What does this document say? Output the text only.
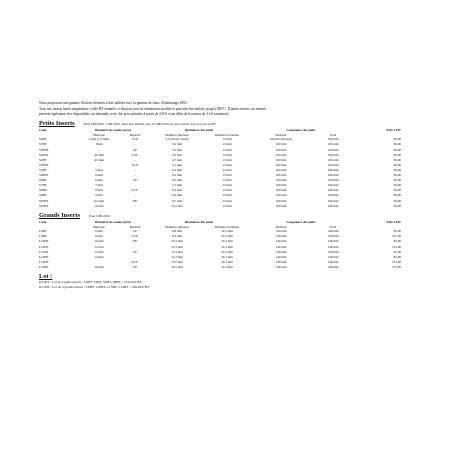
Nous proposons une gamme d'inserts destinés à être utilisés avec la gamme de fours d'étalonnage UBC.

Tous nos inserts haute température codés HT émaniés ci-dessous sont en aluminium anodisé et peuvent être utilisés jusqu'à 500°C. D'autres inserts sur mesure

peuvent également être disponibles sur demande, avec des prix unitaires à partir de 225 € et un délai de livraison de 4 à 8 semaines].

Petits Inserts	Pour UBC2001, UBC1001. Peut être utilisés avec le UBC2010 en association avec le pack L1HT
Code	Diamètre de sonde prévu		Diamètres des puits		Longueurs des puits		Prix € HT
	Métrique	Impérial	Diamètre Intérieur	Diamètre Extérieur	Intérieur	Total	
S2HT	2 mm (1,5 mm)	1/16"	2,2 mm (6,5 mm)	13 mm	60 mm (40 mm)	106 mm	99,00
S3HT	3mm	-	3,2 mm	13 mm	100 mm	106 mm	99,00
S3PHT	-	1/8"	3,5 mm	13 mm	100 mm	106 mm	99,00
S42HT	4,0 mm	5/32"	4,2 mm	13 mm	100 mm	106 mm	99,00
S4HT	4,5 mm	-	4,7 mm	13 mm	100 mm	106 mm	99,00
S5PHT	-	3/16"	5,1 mm	13 mm	100 mm	106 mm	99,00
S5HT	5 mm	-	5,2 mm	13 mm	100 mm	106 mm	99,00
S62HT	6 mm	-	6,2 mm	13 mm	100 mm	106 mm	99,00
S6HT	6 mm	1/4"	6,5 mm	13 mm	100 mm	106 mm	99,00
S7HT	7 mm	-	7,2 mm	13 mm	100 mm	106 mm	99,00
S8HT	8 mm	5/16"	8,4 mm	13 mm	100 mm	106 mm	99,00
S9HT	9 mm	-	9,2 mm	13 mm	100 mm	106 mm	99,00
S97HT	9,5 mm	3/8"	9,7 mm	13 mm	100 mm	106 mm	99,00
S10HT	10 mm	-	10,2 mm	13 mm	100 mm	106 mm	99,00
Grands Inserts	Pour UBC2010
Code	Diamètre de sonde prévu		Diamètres des puits		Longueurs des puits		Prix € HT
	Métrique	Impérial	Diamètre Intérieur	Diamètre Extérieur	Intérieur	Total	
L6HT	6 mm	1/4"	6,8 mm	19,3 mm	140 mm	148 mm	85,00
L8HT	8 mm	5/16"	8,4 mm	19,3 mm	140 mm	148 mm	135,00
L10HT	10 mm	3/8"	10,3 mm	19,3 mm	140 mm	148 mm	85,00
L12HT	12 mm	-	12,3 mm	19,3 mm	140 mm	148 mm	135,00
L13HT	13 mm	1/2"	13,3 mm	19,3 mm	140 mm	148 mm	85,00
L14HT	14 mm	-	14,3 mm	19,3 mm	140 mm	148 mm	85,00
L15HT	-	9/16"	15,0 mm	19,3 mm	140 mm	148 mm	135,00
L16HT	16 mm	5/8"	16,5 mm	19,3 mm	140 mm	148 mm	135,00
Lot :
KS1HT : Lot de 4 petits inserts : S3HT, S4HT, S6HT, S8HT = 219,00 € HT
KL1HT : Lot de 4 grands inserts : L6HT, L10HT, L13HT, L14HT = 269,00 € HT
